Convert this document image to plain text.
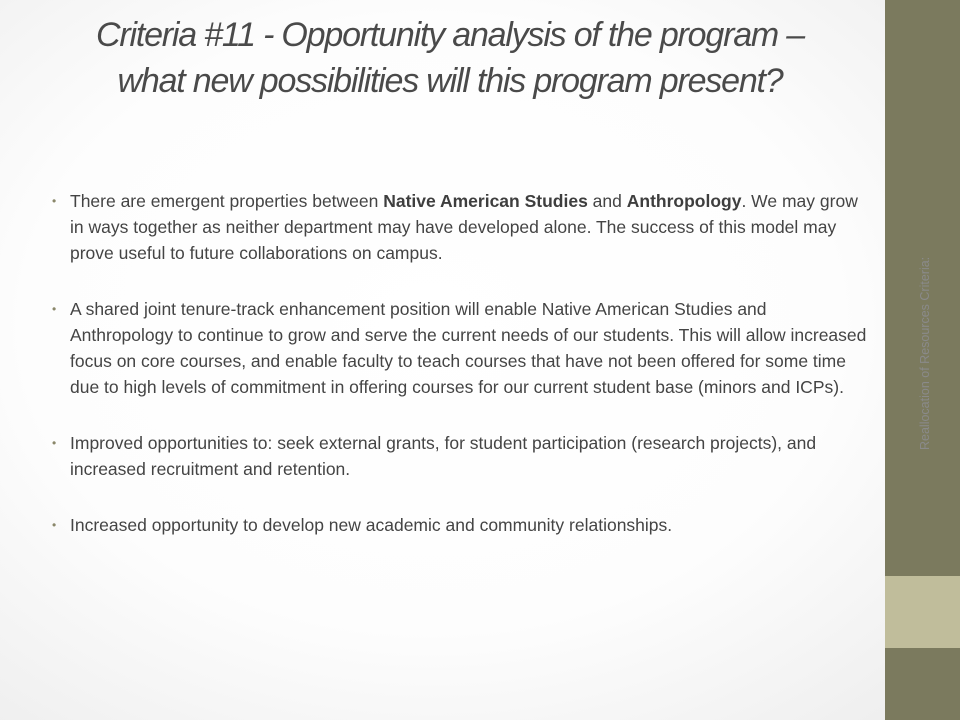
Criteria #11 - Opportunity analysis of the program –
what new possibilities will this program present?
• There are emergent properties between Native American Studies and Anthropology. We may grow in ways together as neither department may have developed alone. The success of this model may prove useful to future collaborations on campus.
• A shared joint tenure-track enhancement position will enable Native American Studies and Anthropology to continue to grow and serve the current needs of our students. This will allow increased focus on core courses, and enable faculty to teach courses that have not been offered for some time due to high levels of commitment in offering courses for our current student base (minors and ICPs).
• Improved opportunities to: seek external grants, for student participation (research projects), and increased recruitment and retention.
• Increased opportunity to develop new academic and community relationships.
Reallocation of Resources Criteria:
